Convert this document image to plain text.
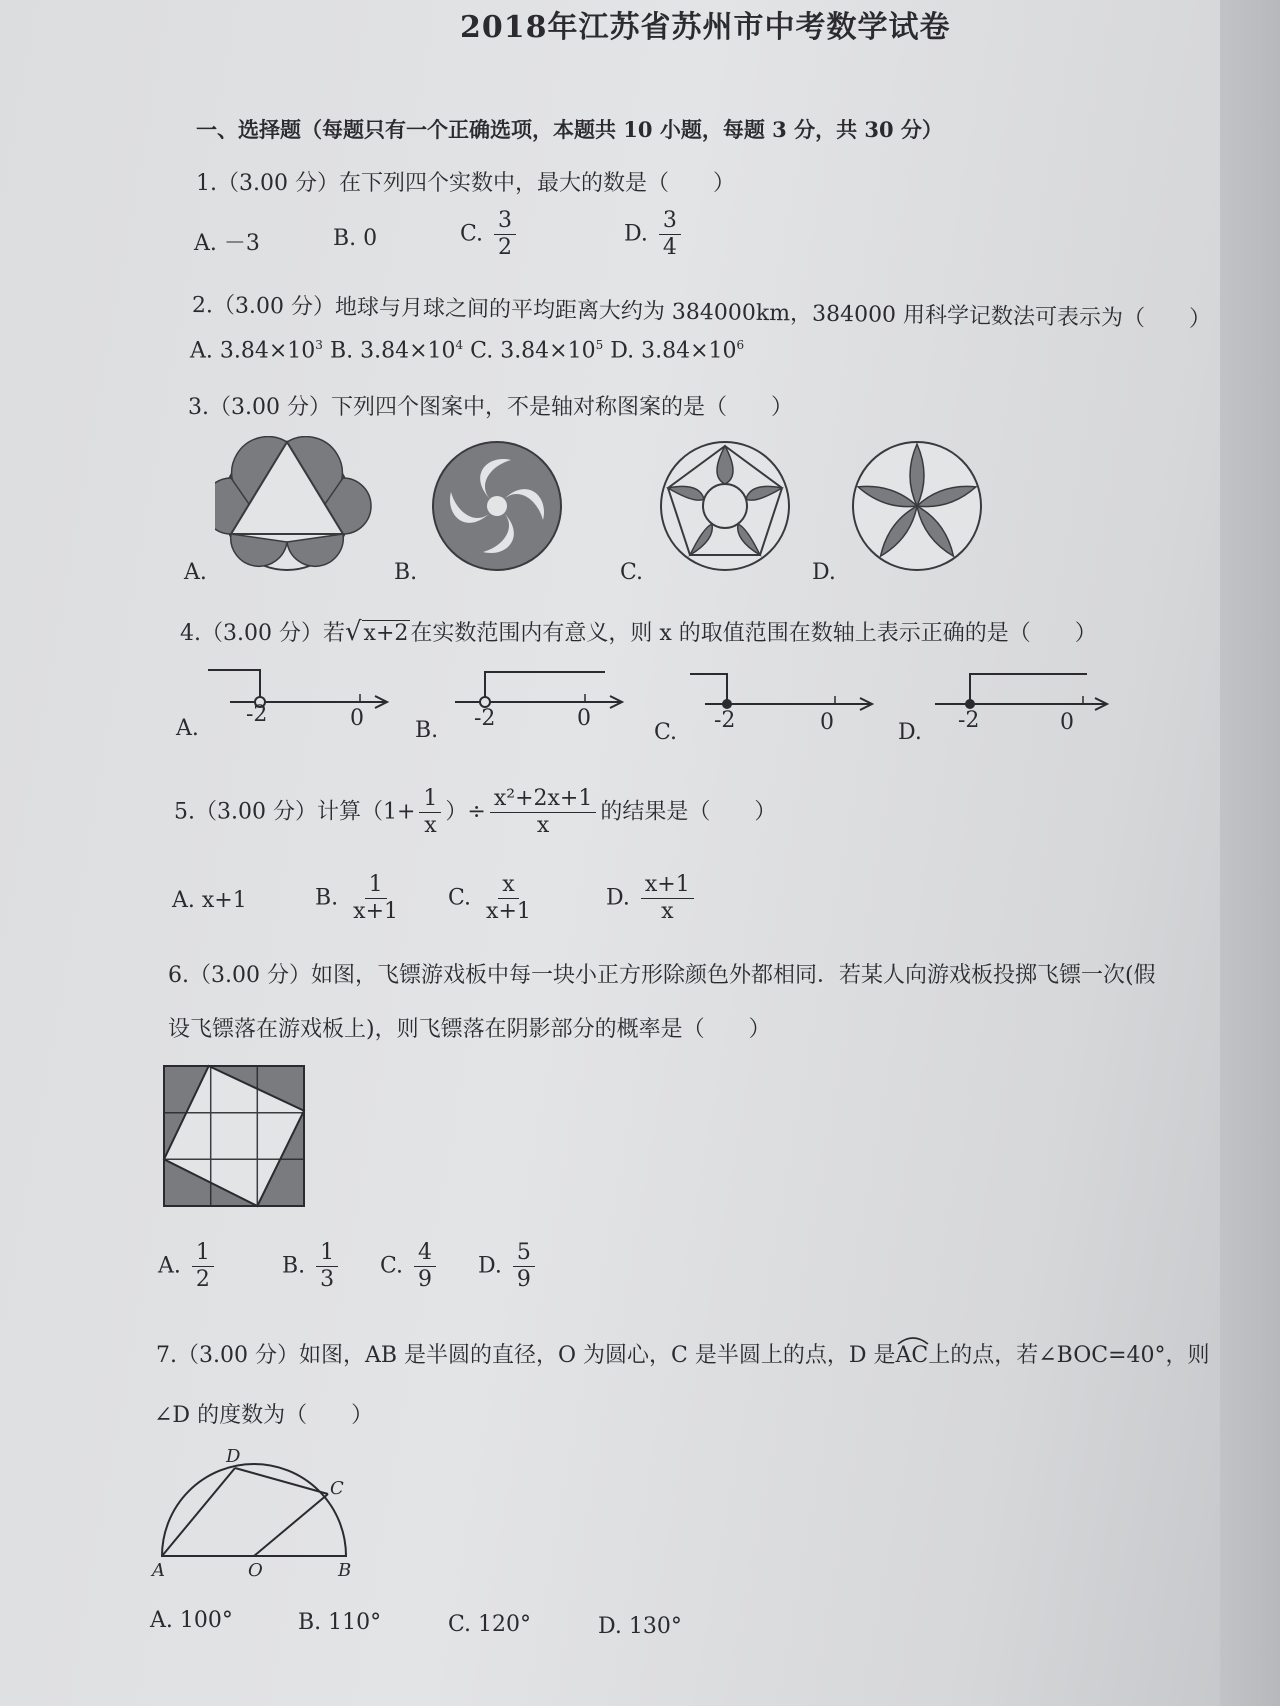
2018年江苏省苏州市中考数学试卷
一、选择题（每题只有一个正确选项，本题共 10 小题，每题 3 分，共 30 分）
1.（3.00 分）在下列四个实数中，最大的数是（　　）
A. －3	B. 0	C. $\frac{3}{2}$	D. $\frac{3}{4}$
2.（3.00 分）地球与月球之间的平均距离大约为 384000km，384000 用科学记数法可表示为（　　）
A. $3.84\times 10^3$ B. $3.84\times 10^4$ C. $3.84\times 10^5$ D. $3.84\times 10^6$
3.（3.00 分）下列四个图案中，不是轴对称图案的是（　　）
A.	B.	C.	D.
4.（3.00 分）若√x+2在实数范围内有意义，则 x 的取值范围在数轴上表示正确的是（　　）
A.
-2	0 B. -2	0
C. -2	0	D. -2	0
5.（3.00 分）计算（$1+ \frac{1}{x}$ ）÷ $\frac{\text{x²+2x+1}}{x}$ 的结果是（　　）
A. x+1	B. $\frac{1}{x+1} C$. $\frac{x}{x+1}$	D. $\frac{x+1}{x}$
6.（3.00 分）如图，飞镖游戏板中每一块小正方形除颜色外都相同．若某人向游戏板投掷飞镖一次(假
设飞镖落在游戏板上)，则飞镖落在阴影部分的概率是（　　）
A. $\frac{1}{2}$	B. $\frac{1}{3} C$. $\frac{4}{9} D$. $\frac{5}{9}$
7.（3.00 分）如图，AB 是半圆的直径，O 为圆心，C 是半圆上的点，D 是
AC上的点，若∠BOC=40°，则
∠D 的度数为（　　）
D
C
A	O	B
A. 100°	B. 110°	C. 120°	D. 130°
